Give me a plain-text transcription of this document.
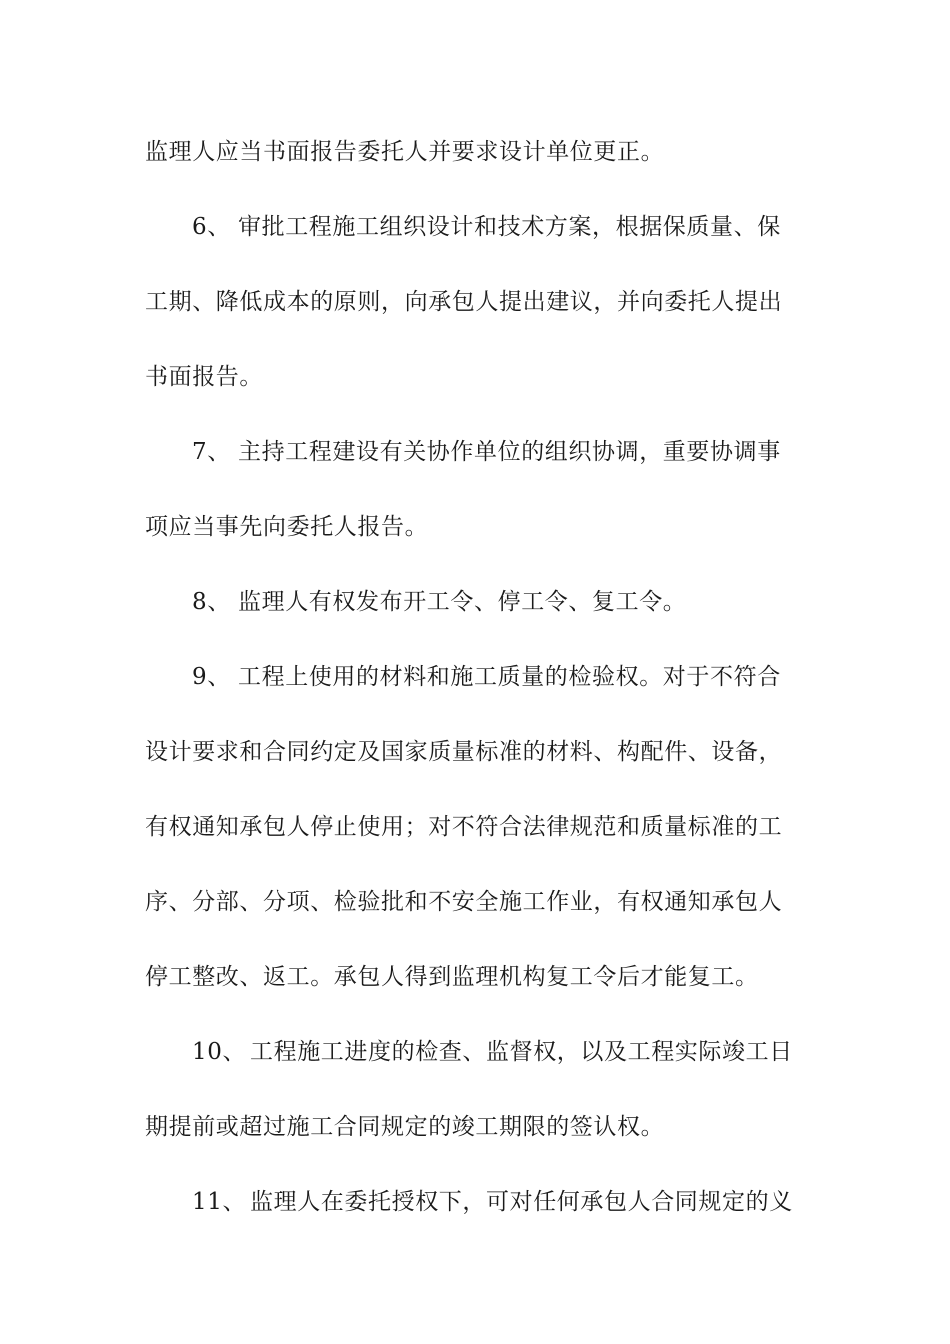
监理人应当书面报告委托人并要求设计单位更正。
6、 审批工程施工组织设计和技术方案，根据保质量、保
工期、降低成本的原则，向承包人提出建议，并向委托人提出
书面报告。
7、 主持工程建设有关协作单位的组织协调，重要协调事
项应当事先向委托人报告。
8、 监理人有权发布开工令、停工令、复工令。
9、 工程上使用的材料和施工质量的检验权。对于不符合
设计要求和合同约定及国家质量标准的材料、构配件、设备，
有权通知承包人停止使用；对不符合法律规范和质量标准的工
序、分部、分项、检验批和不安全施工作业，有权通知承包人
停工整改、返工。承包人得到监理机构复工令后才能复工。
10、 工程施工进度的检查、监督权，以及工程实际竣工日
期提前或超过施工合同规定的竣工期限的签认权。
11、 监理人在委托授权下，可对任何承包人合同规定的义
